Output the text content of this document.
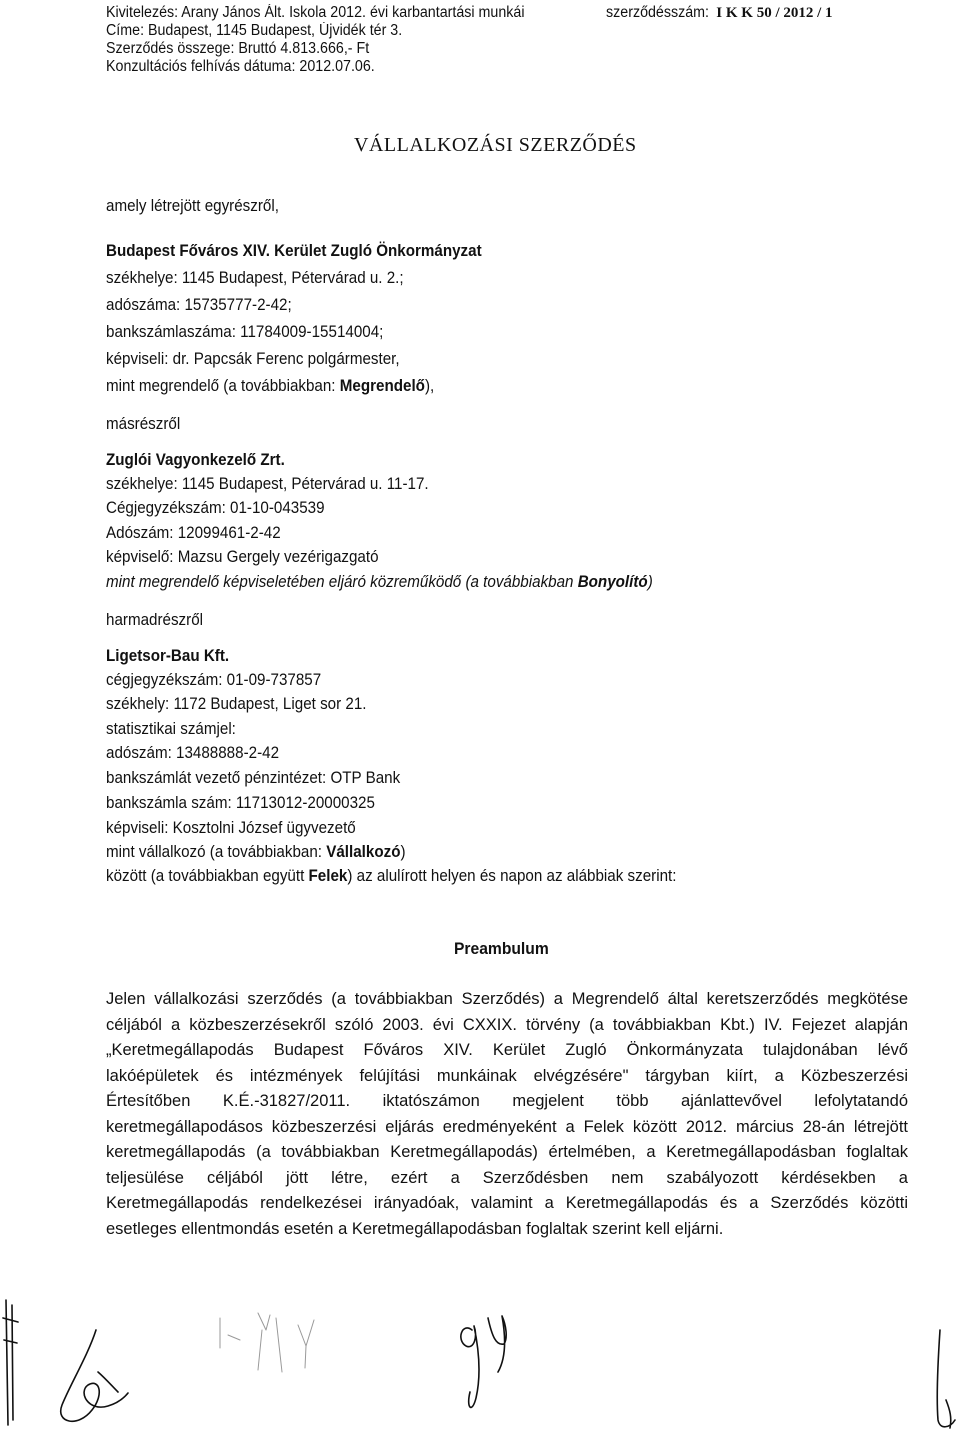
Kivitelezés: Arany János Ált. Iskola 2012. évi karbantartási munkái
Címe: Budapest, 1145 Budapest, Újvidék tér 3.
Szerződés összege: Bruttó 4.813.666,- Ft
Konzultációs felhívás dátuma: 2012.07.06.
szerződésszám: I K K 50 / 2012 / 1
VÁLLALKOZÁSI SZERZŐDÉS
amely létrejött egyrészről,
Budapest Főváros XIV. Kerület Zugló Önkormányzat
székhelye: 1145 Budapest, Pétervárad u. 2.;
adószáma: 15735777-2-42;
bankszámlaszáma: 11784009-15514004;
képviseli: dr. Papcsák Ferenc polgármester,
mint megrendelő (a továbbiakban: Megrendelő),
másrészről
Zuglói Vagyonkezelő Zrt.
székhelye: 1145 Budapest, Pétervárad u. 11-17.
Cégjegyzékszám: 01-10-043539
Adószám: 12099461-2-42
képviselő: Mazsu Gergely vezérigazgató
mint megrendelő képviseletében eljáró közreműködő (a továbbiakban Bonyolító)
harmadrészről
Ligetsor-Bau Kft.
cégjegyzékszám: 01-09-737857
székhely: 1172 Budapest, Liget sor 21.
statisztikai számjel:
adószám: 13488888-2-42
bankszámlát vezető pénzintézet: OTP Bank
bankszámla szám: 11713012-20000325
képviseli: Kosztolni József ügyvezető
mint vállalkozó (a továbbiakban: Vállalkozó)
között (a továbbiakban együtt Felek) az alulírott helyen és napon az alábbiak szerint:
Preambulum
Jelen vállalkozási szerződés (a továbbiakban Szerződés) a Megrendelő által keretszerződés megkötése
céljából a közbeszerzésekről szóló 2003. évi CXXIX. törvény (a továbbiakban Kbt.) IV. Fejezet alapján
„Keretmegállapodás Budapest Főváros XIV. Kerület Zugló Önkormányzata tulajdonában lévő
lakóépületek és intézmények felújítási munkáinak elvégzésére" tárgyban kiírt, a Közbeszerzési
Értesítőben K.É.-31827/2011. iktatószámon megjelent több ajánlattevővel lefolytatandó
keretmegállapodásos közbeszerzési eljárás eredményeként a Felek között 2012. március 28-án létrejött
keretmegállapodás (a továbbiakban Keretmegállapodás) értelmében, a Keretmegállapodásban foglaltak
teljesülése céljából jött létre, ezért a Szerződésben nem szabályozott kérdésekben a
Keretmegállapodás rendelkezései irányadóak, valamint a Keretmegállapodás és a Szerződés közötti
esetleges ellentmondás esetén a Keretmegállapodásban foglaltak szerint kell eljárni.
